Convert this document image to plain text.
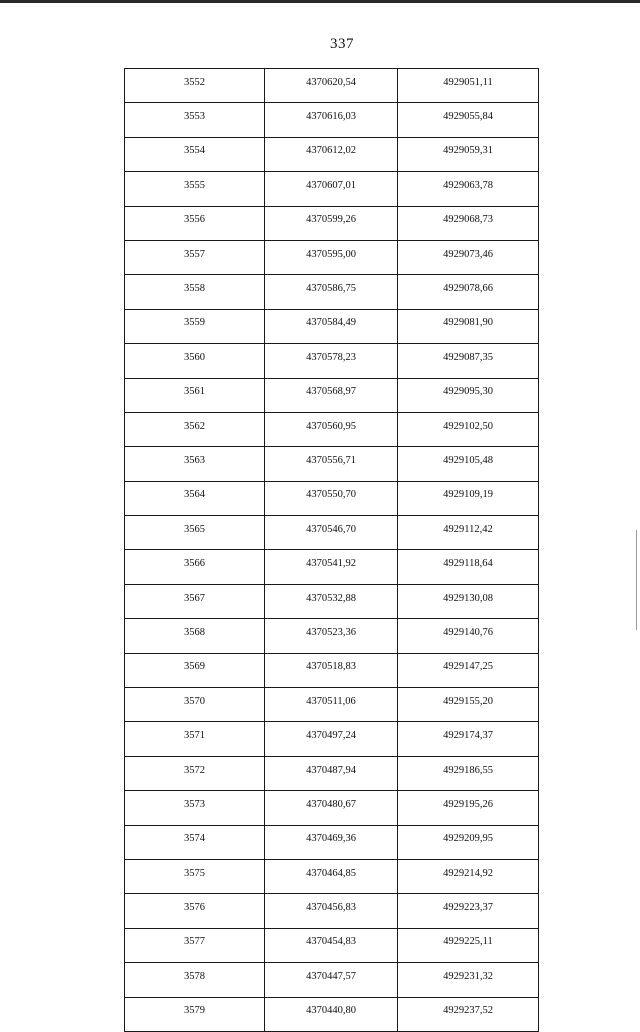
337
3552	4370620,54	4929051,11
3553	4370616,03	4929055,84
3554	4370612,02	4929059,31
3555	4370607,01	4929063,78
3556	4370599,26	4929068,73
3557	4370595,00	4929073,46
3558	4370586,75	4929078,66
3559	4370584,49	4929081,90
3560	4370578,23	4929087,35
3561	4370568,97	4929095,30
3562	4370560,95	4929102,50
3563	4370556,71	4929105,48
3564	4370550,70	4929109,19
3565	4370546,70	4929112,42
3566	4370541,92	4929118,64
3567	4370532,88	4929130,08
3568	4370523,36	4929140,76
3569	4370518,83	4929147,25
3570	4370511,06	4929155,20
3571	4370497,24	4929174,37
3572	4370487,94	4929186,55
3573	4370480,67	4929195,26
3574	4370469,36	4929209,95
3575	4370464,85	4929214,92
3576	4370456,83	4929223,37
3577	4370454,83	4929225,11
3578	4370447,57	4929231,32
3579	4370440,80	4929237,52
